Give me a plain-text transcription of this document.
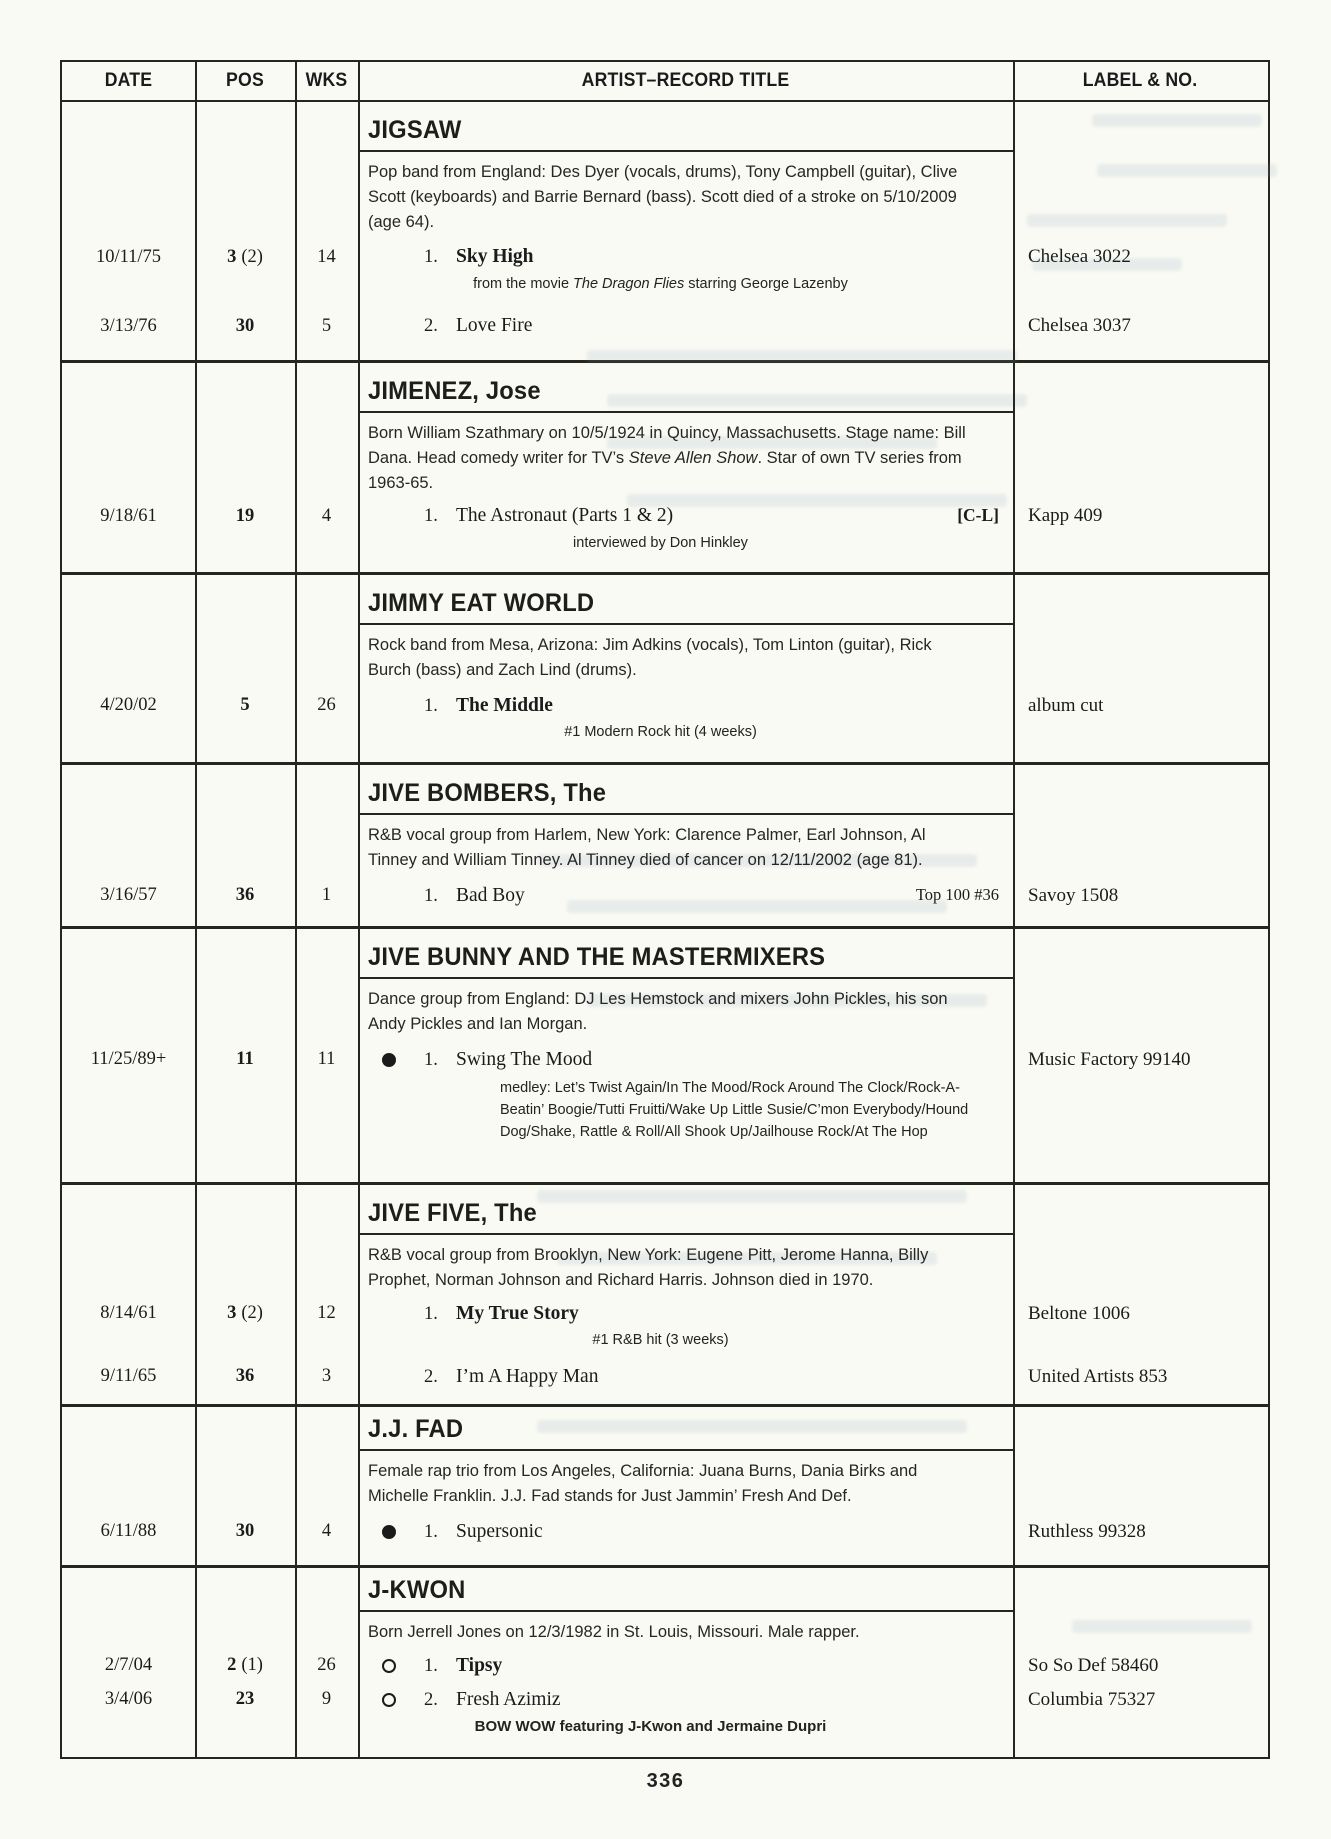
DATE	POS	WKS	ARTIST–RECORD TITLE	LABEL & NO.
JIGSAW
Pop band from England: Des Dyer (vocals, drums), Tony Campbell (guitar), Clive Scott (keyboards) and Barrie Bernard (bass). Scott died of a stroke on 5/10/2009 (age 64).
10/11/75	3 (2)	14	1. Sky High	Chelsea 3022
from the movie The Dragon Flies starring George Lazenby
3/13/76	30	5	2. Love Fire	Chelsea 3037
JIMENEZ, Jose
Born William Szathmary on 10/5/1924 in Quincy, Massachusetts. Stage name: Bill Dana. Head comedy writer for TV’s Steve Allen Show. Star of own TV series from 1963-65.
9/18/61	19	4	1. The Astronaut (Parts 1 & 2)	[C-L]	Kapp 409
interviewed by Don Hinkley
JIMMY EAT WORLD
Rock band from Mesa, Arizona: Jim Adkins (vocals), Tom Linton (guitar), Rick Burch (bass) and Zach Lind (drums).
4/20/02	5	26	1. The Middle	album cut
#1 Modern Rock hit (4 weeks)
JIVE BOMBERS, The
R&B vocal group from Harlem, New York: Clarence Palmer, Earl Johnson, Al Tinney and William Tinney. Al Tinney died of cancer on 12/11/2002 (age 81).
3/16/57	36	1	1. Bad Boy	Top 100 #36	Savoy 1508
JIVE BUNNY AND THE MASTERMIXERS
Dance group from England: DJ Les Hemstock and mixers John Pickles, his son Andy Pickles and Ian Morgan.
11/25/89+	11	11	1. Swing The Mood	Music Factory 99140
medley: Let’s Twist Again/In The Mood/Rock Around The Clock/Rock-A-Beatin’ Boogie/Tutti Fruitti/Wake Up Little Susie/C’mon Everybody/Hound Dog/Shake, Rattle & Roll/All Shook Up/Jailhouse Rock/At The Hop
JIVE FIVE, The
R&B vocal group from Brooklyn, New York: Eugene Pitt, Jerome Hanna, Billy Prophet, Norman Johnson and Richard Harris. Johnson died in 1970.
8/14/61	3 (2)	12	1. My True Story	Beltone 1006
#1 R&B hit (3 weeks)
9/11/65	36	3	2. I’m A Happy Man	United Artists 853
J.J. FAD
Female rap trio from Los Angeles, California: Juana Burns, Dania Birks and Michelle Franklin. J.J. Fad stands for Just Jammin’ Fresh And Def.
6/11/88	30	4	1. Supersonic	Ruthless 99328
J-KWON
Born Jerrell Jones on 12/3/1982 in St. Louis, Missouri. Male rapper.
2/7/04	2 (1)	26	1. Tipsy	So So Def 58460
3/4/06	23	9	2. Fresh Azimiz	Columbia 75327
BOW WOW featuring J-Kwon and Jermaine Dupri
336
